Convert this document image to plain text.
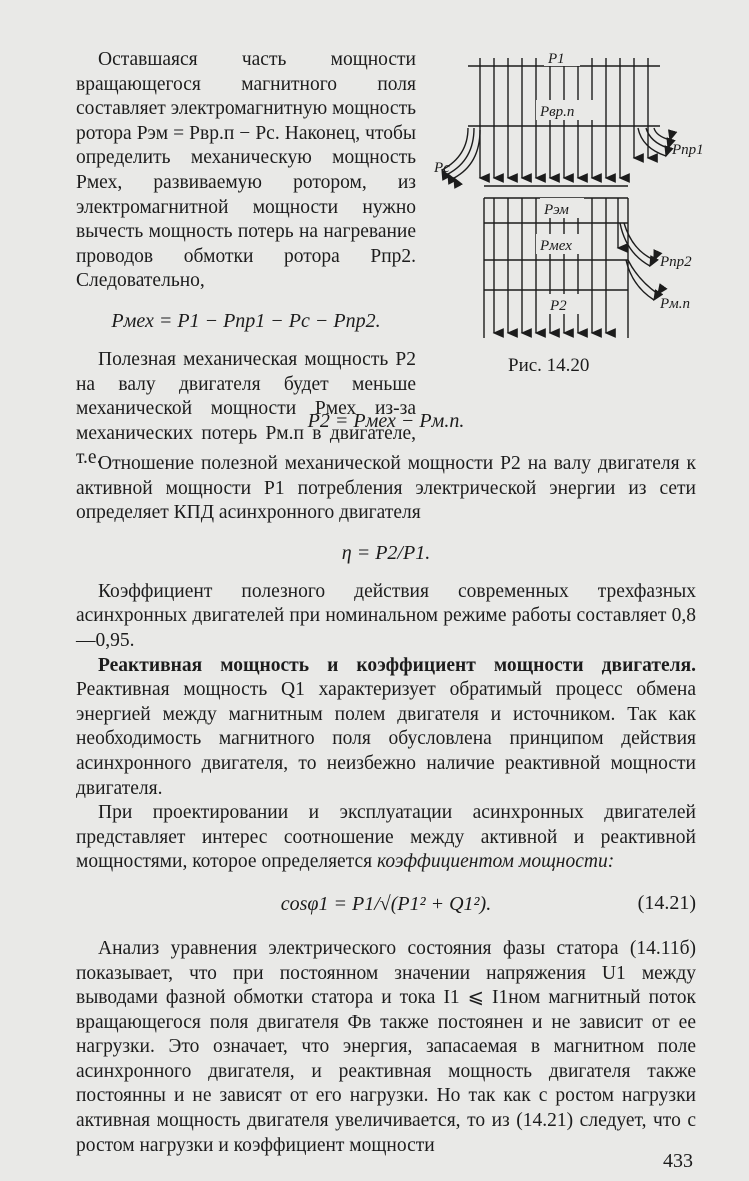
Оставшаяся часть мощности вращающегося магнитного поля составляет электромагнитную мощность ротора Pэм = Pвр.п − Pс. Наконец, чтобы определить механическую мощность Pмех, развиваемую ротором, из электромагнитной мощности нужно вычесть мощность потерь на нагревание проводов обмотки ротора Pпр2. Следовательно,

Pмех = P1 − Pпр1 − Pс − Pпр2.

Полезная механическая мощность P2 на валу двигателя будет меньше механической мощности Pмех из-за механических потерь Pм.п в двигателе, т.е.

P1
Pвр.п
Pс
Pпр1
Pэм
Pмех
Pпр2
P2	Pм.п
Рис. 14.20

P2 = Pмех − Pм.п.

Отношение полезной механической мощности P2 на валу двигателя к активной мощности P1 потребления электрической энергии из сети определяет КПД асинхронного двигателя

η = P2/P1.

Коэффициент полезного действия современных трехфазных асинхронных двигателей при номинальном режиме работы составляет 0,8—0,95.

Реактивная мощность и коэффициент мощности двигателя. Реактивная мощность Q1 характеризует обратимый процесс обмена энергией между магнитным полем двигателя и источником. Так как необходимость магнитного поля обусловлена принципом действия асинхронного двигателя, то неизбежно наличие реактивной мощности двигателя.

При проектировании и эксплуатации асинхронных двигателей представляет интерес соотношение между активной и реактивной мощностями, которое определяется коэффициентом мощности:

cosφ1 = P1/√(P1² + Q1²).	(14.21)

Анализ уравнения электрического состояния фазы статора (14.11б) показывает, что при постоянном значении напряжения U1 между выводами фазной обмотки статора и тока I1 ⩽ I1ном магнитный поток вращающегося поля двигателя Φв также постоянен и не зависит от ее нагрузки. Это означает, что энергия, запасаемая в магнитном поле асинхронного двигателя, и реактивная мощность двигателя также постоянны и не зависят от его нагрузки. Но так как с ростом нагрузки активная мощность двигателя увеличивается, то из (14.21) следует, что с ростом нагрузки и коэффициент мощности

433
